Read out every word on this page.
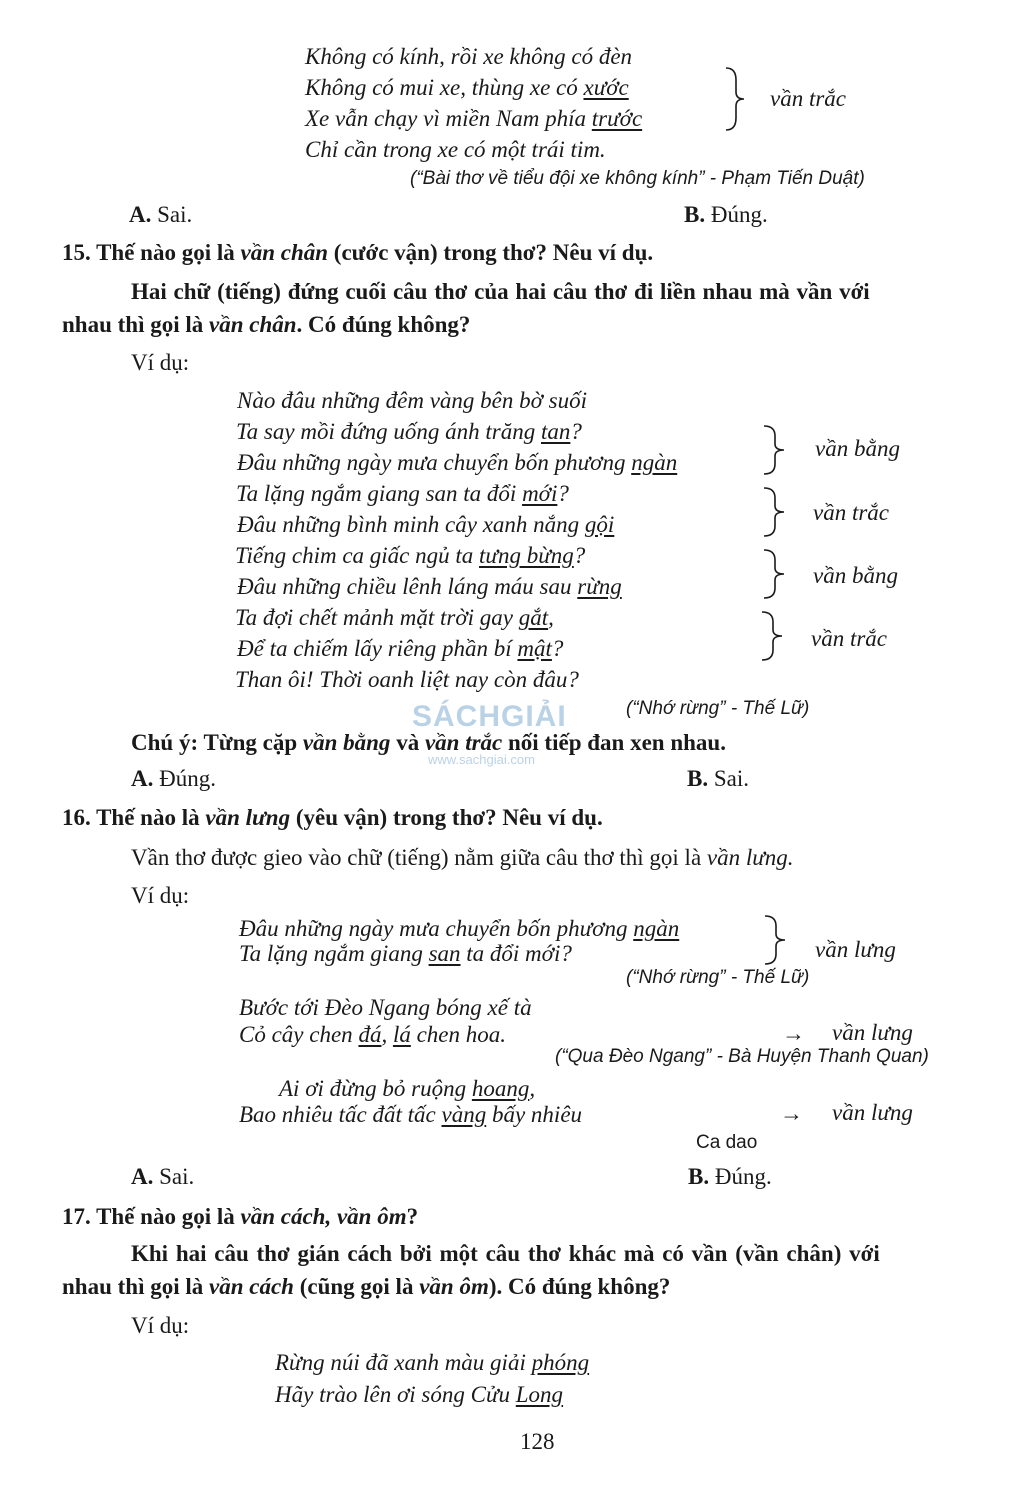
Không có kính, rồi xe không có đèn
Không có mui xe, thùng xe có xước
Xe vẫn chạy vì miền Nam phía trước
Chỉ cần trong xe có một trái tim.
vần trắc
(“Bài thơ về tiểu đội xe không kính” - Phạm Tiến Duật)
A. Sai.	B. Đúng.
15. Thế nào gọi là vần chân (cước vận) trong thơ? Nêu ví dụ.
Hai chữ (tiếng) đứng cuối câu thơ của hai câu thơ đi liền nhau mà vần với
nhau thì gọi là vần chân. Có đúng không?
Ví dụ:
Nào đâu những đêm vàng bên bờ suối
Ta say mồi đứng uống ánh trăng tan?
Đâu những ngày mưa chuyển bốn phương ngàn
Ta lặng ngắm giang san ta đổi mới?
Đâu những bình minh cây xanh nắng gội
Tiếng chim ca giấc ngủ ta tưng bừng?
Đâu những chiều lênh láng máu sau rừng
Ta đợi chết mảnh mặt trời gay gắt,
Để ta chiếm lấy riêng phần bí mật?
Than ôi! Thời oanh liệt nay còn đâu?
vần bằng
vần trắc
vần bằng
vần trắc
(“Nhớ rừng” - Thế Lữ)
SÁCHGIẢI
www.sachgiai.com
Chú ý: Từng cặp vần bằng và vần trắc nối tiếp đan xen nhau.
A. Đúng.	B. Sai.
16. Thế nào là vần lưng (yêu vận) trong thơ? Nêu ví dụ.
Vần thơ được gieo vào chữ (tiếng) nằm giữa câu thơ thì gọi là vần lưng.
Ví dụ:
Đâu những ngày mưa chuyển bốn phương ngàn
Ta lặng ngắm giang san ta đổi mới?	vần lưng
(“Nhớ rừng” - Thế Lữ)
Bước tới Đèo Ngang bóng xế tà
Cỏ cây chen đá, lá chen hoa.	→ vần lưng
(“Qua Đèo Ngang” - Bà Huyện Thanh Quan)
Ai ơi đừng bỏ ruộng hoang,
Bao nhiêu tấc đất tấc vàng bấy nhiêu	→ vần lưng
Ca dao
A. Sai.	B. Đúng.
17. Thế nào gọi là vần cách, vần ôm?
Khi hai câu thơ gián cách bởi một câu thơ khác mà có vần (vần chân) với
nhau thì gọi là vần cách (cũng gọi là vần ôm). Có đúng không?
Ví dụ:
Rừng núi đã xanh màu giải phóng
Hãy trào lên ơi sóng Cửu Long
128
